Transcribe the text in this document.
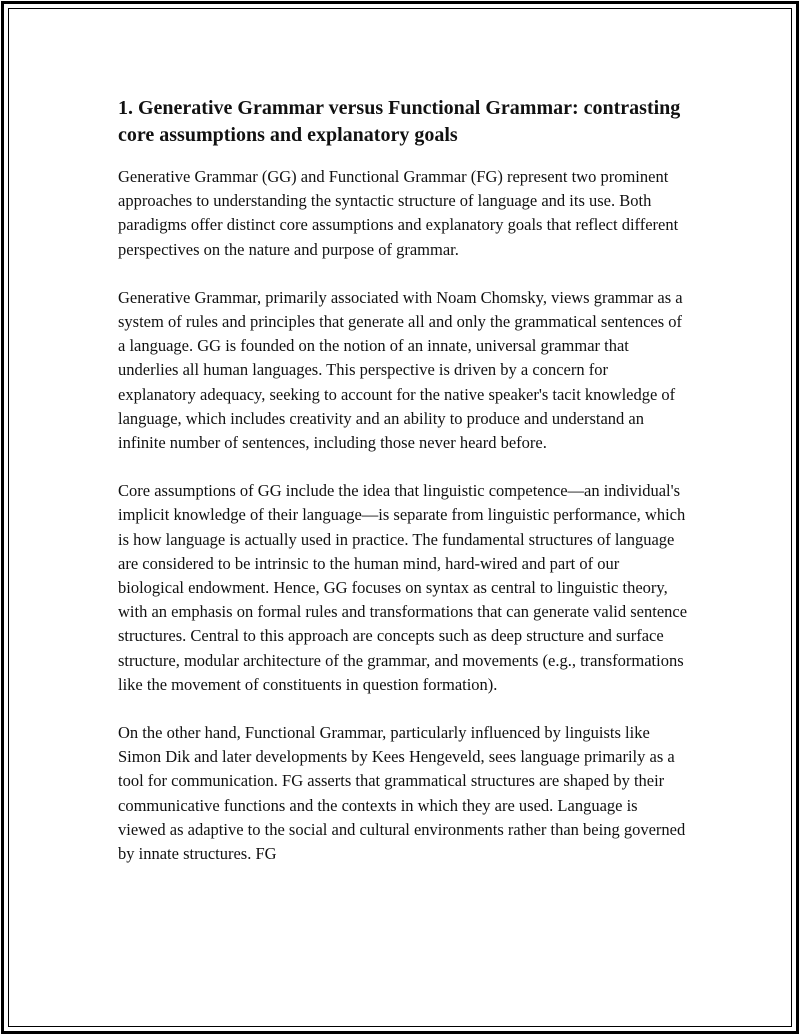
1. Generative Grammar versus Functional Grammar: contrasting core assumptions and explanatory goals

Generative Grammar (GG) and Functional Grammar (FG) represent two prominent approaches to understanding the syntactic structure of language and its use. Both paradigms offer distinct core assumptions and explanatory goals that reflect different perspectives on the nature and purpose of grammar.

Generative Grammar, primarily associated with Noam Chomsky, views grammar as a system of rules and principles that generate all and only the grammatical sentences of a language. GG is founded on the notion of an innate, universal grammar that underlies all human languages. This perspective is driven by a concern for explanatory adequacy, seeking to account for the native speaker's tacit knowledge of language, which includes creativity and an ability to produce and understand an infinite number of sentences, including those never heard before.

Core assumptions of GG include the idea that linguistic competence—an individual's implicit knowledge of their language—is separate from linguistic performance, which is how language is actually used in practice. The fundamental structures of language are considered to be intrinsic to the human mind, hard-wired and part of our biological endowment. Hence, GG focuses on syntax as central to linguistic theory, with an emphasis on formal rules and transformations that can generate valid sentence structures. Central to this approach are concepts such as deep structure and surface structure, modular architecture of the grammar, and movements (e.g., transformations like the movement of constituents in question formation).

On the other hand, Functional Grammar, particularly influenced by linguists like Simon Dik and later developments by Kees Hengeveld, sees language primarily as a tool for communication. FG asserts that grammatical structures are shaped by their communicative functions and the contexts in which they are used. Language is viewed as adaptive to the social and cultural environments rather than being governed by innate structures. FG
